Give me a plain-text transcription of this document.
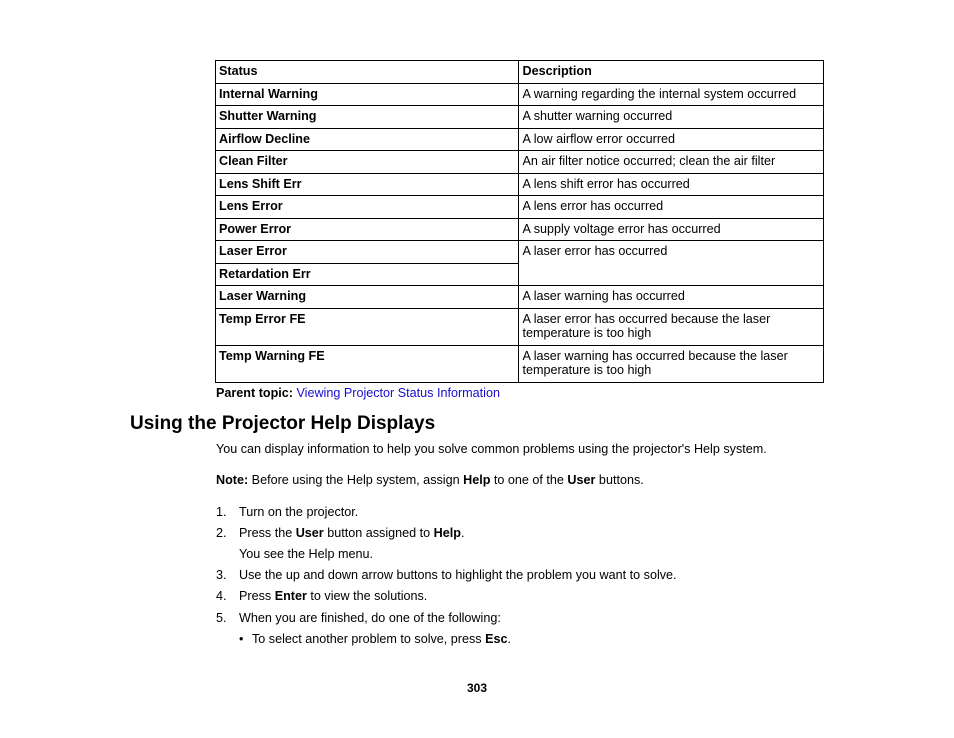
Status	Description
Internal Warning	A warning regarding the internal system occurred
Shutter Warning	A shutter warning occurred
Airflow Decline	A low airflow error occurred
Clean Filter	An air filter notice occurred; clean the air filter
Lens Shift Err	A lens shift error has occurred
Lens Error	A lens error has occurred
Power Error	A supply voltage error has occurred
Laser Error	A laser error has occurred
Retardation Err	
Laser Warning	A laser warning has occurred
Temp Error FE	A laser error has occurred because the laser temperature is too high
Temp Warning FE	A laser warning has occurred because the laser temperature is too high
Parent topic: Viewing Projector Status Information
Using the Projector Help Displays

You can display information to help you solve common problems using the projector's Help system.

Note: Before using the Help system, assign Help to one of the User buttons.

1. Turn on the projector.
2. Press the User button assigned to Help.
You see the Help menu.
3. Use the up and down arrow buttons to highlight the problem you want to solve.
4. Press Enter to view the solutions.
5. When you are finished, do one of the following:
• To select another problem to solve, press Esc.
303
